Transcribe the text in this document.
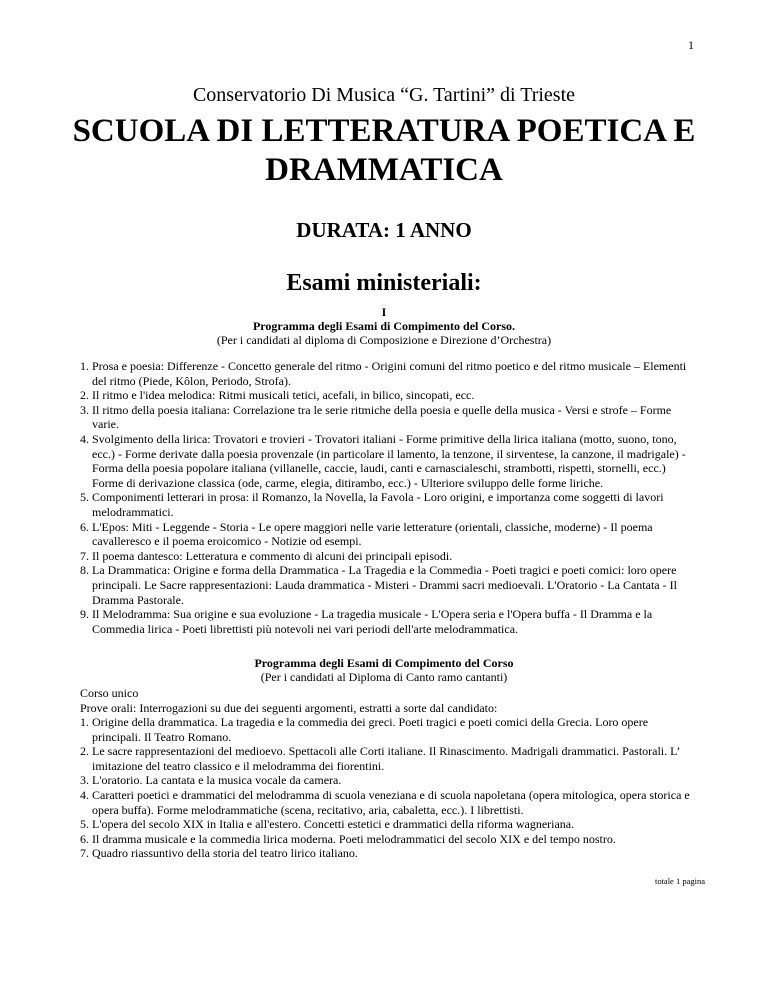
1
Conservatorio Di Musica “G. Tartini” di Trieste
SCUOLA DI LETTERATURA POETICA E
DRAMMATICA
DURATA: 1 ANNO
Esami ministeriali:
I
Programma degli Esami di Compimento del Corso.
(Per i candidati al diploma di Composizione e Direzione d’Orchestra)
1. Prosa e poesia: Differenze - Concetto generale del ritmo - Origini comuni del ritmo poetico e del ritmo musicale – Elementi del ritmo (Piede, Kôlon, Periodo, Strofa).
2. Il ritmo e l'idea melodica: Ritmi musicali tetici, acefali, in bilico, sincopati, ecc.
3. Il ritmo della poesia italiana: Correlazione tra le serie ritmiche della poesia e quelle della musica - Versi e strofe – Forme varie.
4. Svolgimento della lirica: Trovatori e trovieri - Trovatori italiani - Forme primitive della lirica italiana (motto, suono, tono, ecc.) - Forme derivate dalla poesia provenzale (in particolare il lamento, la tenzone, il sirventese, la canzone, il madrigale) - Forma della poesia popolare italiana (villanelle, caccie, laudi, canti e carnascialeschi, strambotti, rispetti, stornelli, ecc.) Forme di derivazione classica (ode, carme, elegia, ditirambo, ecc.) - Ulteriore sviluppo delle forme liriche.
5. Componimenti letterari in prosa: il Romanzo, la Novella, la Favola - Loro origini, e importanza come soggetti di lavori melodrammatici.
6. L'Epos: Miti - Leggende - Storia - Le opere maggiori nelle varie letterature (orientali, classiche, moderne) - Il poema cavalleresco e il poema eroicomico - Notizie od esempi.
7. Il poema dantesco: Letteratura e commento di alcuni dei principali episodi.
8. La Drammatica: Origine e forma della Drammatica - La Tragedia e la Commedia - Poeti tragici e poeti comici: loro opere principali. Le Sacre rappresentazioni: Lauda drammatica - Misteri - Drammi sacri medioevali. L'Oratorio - La Cantata - Il Dramma Pastorale.
9. Il Melodramma: Sua origine e sua evoluzione - La tragedia musicale - L'Opera seria e l'Opera buffa - Il Dramma e la Commedia lirica - Poeti librettisti più notevoli nei vari periodi dell'arte melodrammatica.
Programma degli Esami di Compimento del Corso
(Per i candidati al Diploma di Canto ramo cantanti)
Corso unico
Prove orali: Interrogazioni su due dei seguenti argomenti, estratti a sorte dal candidato:
1. Origine della drammatica. La tragedia e la commedia dei greci. Poeti tragici e poeti comici della Grecia. Loro opere principali. Il Teatro Romano.
2. Le sacre rappresentazioni del medioevo. Spettacoli alle Corti italiane. Il Rinascimento. Madrigali drammatici. Pastorali. L’ imitazione del teatro classico e il melodramma dei fiorentini.
3. L'oratorio. La cantata e la musica vocale da camera.
4. Caratteri poetici e drammatici del melodramma di scuola veneziana e di scuola napoletana (opera mitologica, opera storica e opera buffa). Forme melodrammatiche (scena, recitativo, aria, cabaletta, ecc.). I librettisti.
5. L'opera del secolo XIX in Italia e all'estero. Concetti estetici e drammatici della riforma wagneriana.
6. Il dramma musicale e la commedia lirica moderna. Poeti melodrammatici del secolo XIX e del tempo nostro.
7. Quadro riassuntivo della storia del teatro lirico italiano.
totale 1 pagina
